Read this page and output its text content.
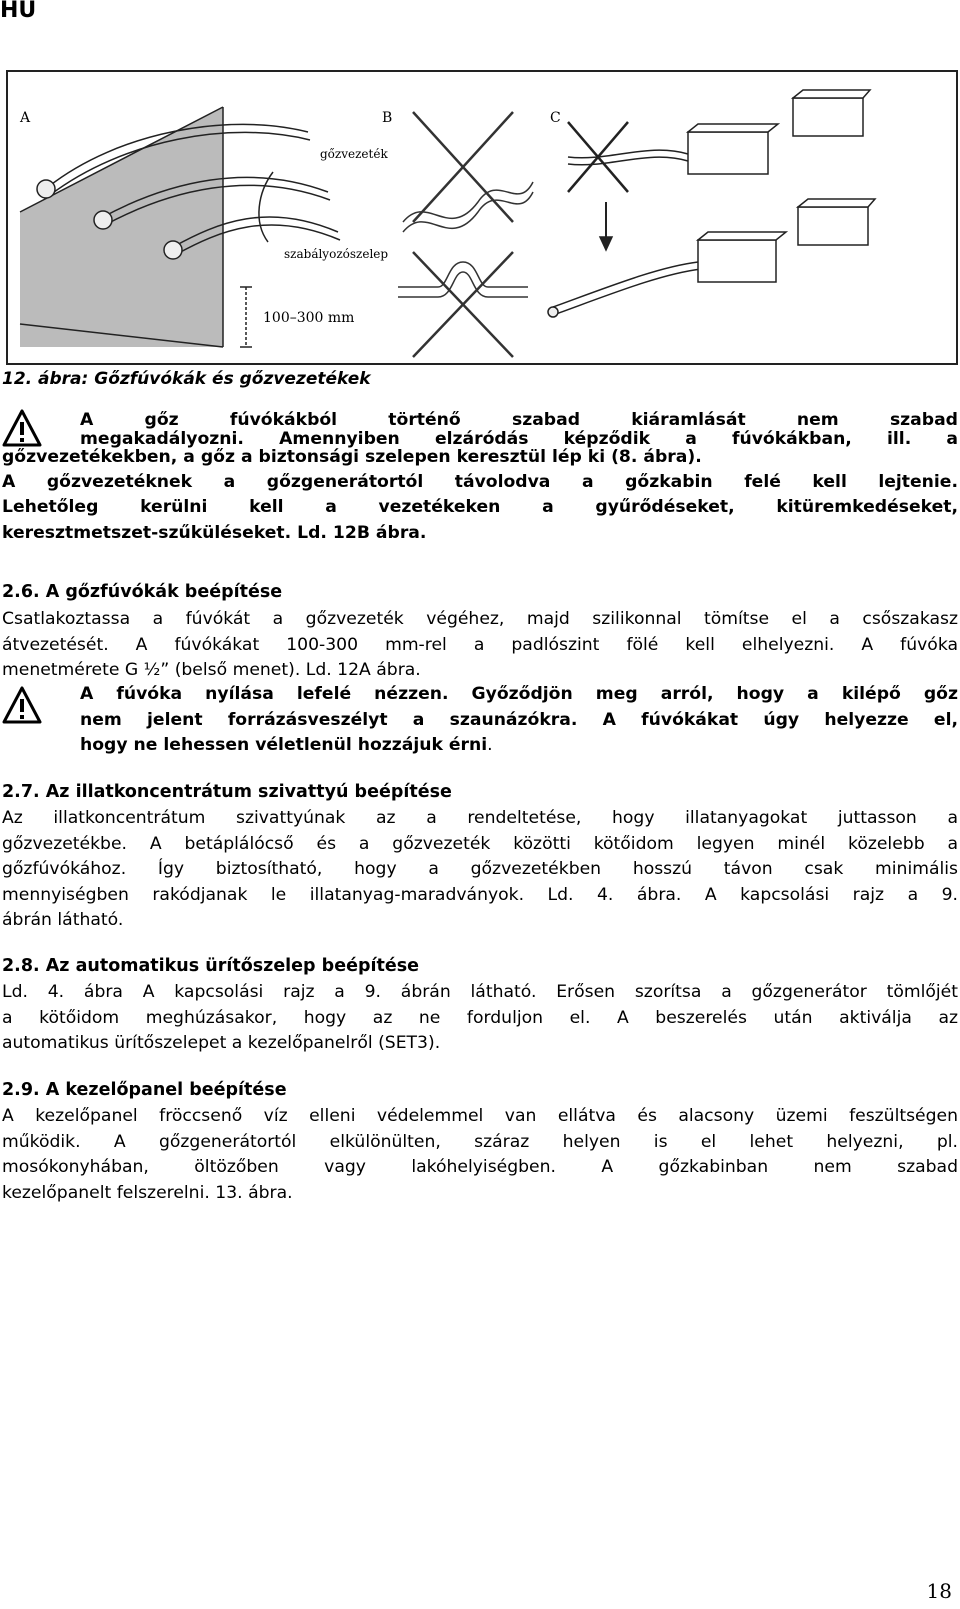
HU
A	B	C
gőzvezeték
szabályozószelep
100–300 mm
12. ábra: Gőzfúvókák és gőzvezetékek
A gőz fúvókákból történő szabad kiáramlását nem szabad
megakadályozni. Amennyiben elzáródás képződik a fúvókákban, ill. a
gőzvezetékekben, a gőz a biztonsági szelepen keresztül lép ki (8. ábra).
A gőzvezetéknek a gőzgenerátortól távolodva a gőzkabin felé kell lejtenie.
Lehetőleg kerülni kell a vezetékeken a gyűrődéseket, kitüremkedéseket,
keresztmetszet-szűküléseket. Ld. 12B ábra.
2.6. A gőzfúvókák beépítése
Csatlakoztassa a fúvókát a gőzvezeték végéhez, majd szilikonnal tömítse el a csőszakasz
átvezetését. A fúvókákat 100-300 mm-rel a padlószint fölé kell elhelyezni. A fúvóka
menetmérete G ½” (belső menet). Ld. 12A ábra.
A fúvóka nyílása lefelé nézzen. Győződjön meg arról, hogy a kilépő gőz
nem jelent forrázásveszélyt a szaunázókra. A fúvókákat úgy helyezze el,
hogy ne lehessen véletlenül hozzájuk érni.
2.7. Az illatkoncentrátum szivattyú beépítése
Az illatkoncentrátum szivattyúnak az a rendeltetése, hogy illatanyagokat juttasson a
gőzvezetékbe. A betáplálócső és a gőzvezeték közötti kötőidom legyen minél közelebb a
gőzfúvókához. Így biztosítható, hogy a gőzvezetékben hosszú távon csak minimális
mennyiségben rakódjanak le illatanyag-maradványok. Ld. 4. ábra. A kapcsolási rajz a 9.
ábrán látható.
2.8. Az automatikus ürítőszelep beépítése
Ld. 4. ábra A kapcsolási rajz a 9. ábrán látható. Erősen szorítsa a gőzgenerátor tömlőjét
a kötőidom meghúzásakor, hogy az ne forduljon el. A beszerelés után aktiválja az
automatikus ürítőszelepet a kezelőpanelről (SET3).
2.9. A kezelőpanel beépítése
A kezelőpanel fröccsenő víz elleni védelemmel van ellátva és alacsony üzemi feszültségen
működik. A gőzgenerátortól elkülönülten, száraz helyen is el lehet helyezni, pl.
mosókonyhában, öltözőben vagy lakóhelyiségben. A gőzkabinban nem szabad
kezelőpanelt felszerelni. 13. ábra.
18
